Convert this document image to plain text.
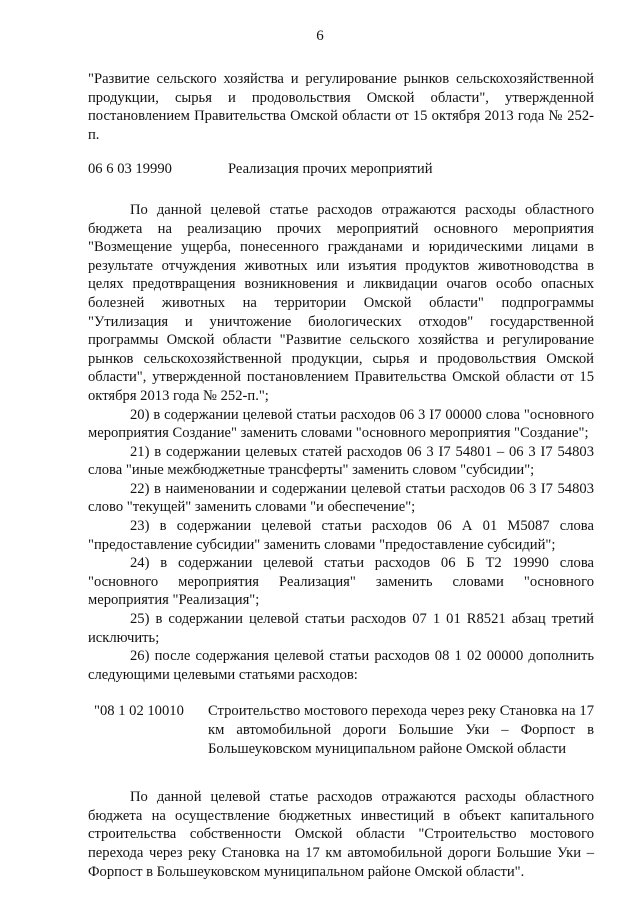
6

"Развитие сельского хозяйства и регулирование рынков сельскохозяйственной продукции, сырья и продовольствия Омской области", утвержденной постановлением Правительства Омской области от 15 октября 2013 года № 252-п.

06 6 03 19990	Реализация прочих мероприятий

По данной целевой статье расходов отражаются расходы областного бюджета на реализацию прочих мероприятий основного мероприятия "Возмещение ущерба, понесенного гражданами и юридическими лицами в результате отчуждения животных или изъятия продуктов животноводства в целях предотвращения возникновения и ликвидации очагов особо опасных болезней животных на территории Омской области" подпрограммы "Утилизация и уничтожение биологических отходов" государственной программы Омской области "Развитие сельского хозяйства и регулирование рынков сельскохозяйственной продукции, сырья и продовольствия Омской области", утвержденной постановлением Правительства Омской области от 15 октября 2013 года № 252-п.";

20) в содержании целевой статьи расходов 06 3 I7 00000 слова "основного мероприятия Создание" заменить словами "основного мероприятия "Создание";

21) в содержании целевых статей расходов 06 3 I7 54801 – 06 3 I7 54803 слова "иные межбюджетные трансферты" заменить словом "субсидии";

22) в наименовании и содержании целевой статьи расходов 06 3 I7 54803 слово "текущей" заменить словами "и обеспечение";

23) в содержании целевой статьи расходов 06 А 01 M5087 слова "предоставление субсидии" заменить словами "предоставление субсидий";

24) в содержании целевой статьи расходов 06 Б Т2 19990 слова "основного мероприятия Реализация" заменить словами "основного мероприятия "Реализация";

25) в содержании целевой статьи расходов 07 1 01 R8521 абзац третий исключить;

26) после содержания целевой статьи расходов 08 1 02 00000 дополнить следующими целевыми статьями расходов:

"08 1 02 10010	Строительство мостового перехода через реку Становка на 17 км автомобильной дороги Большие Уки – Форпост в Большеуковском муниципальном районе Омской области

По данной целевой статье расходов отражаются расходы областного бюджета на осуществление бюджетных инвестиций в объект капитального строительства собственности Омской области "Строительство мостового перехода через реку Становка на 17 км автомобильной дороги Большие Уки – Форпост в Большеуковском муниципальном районе Омской области".
